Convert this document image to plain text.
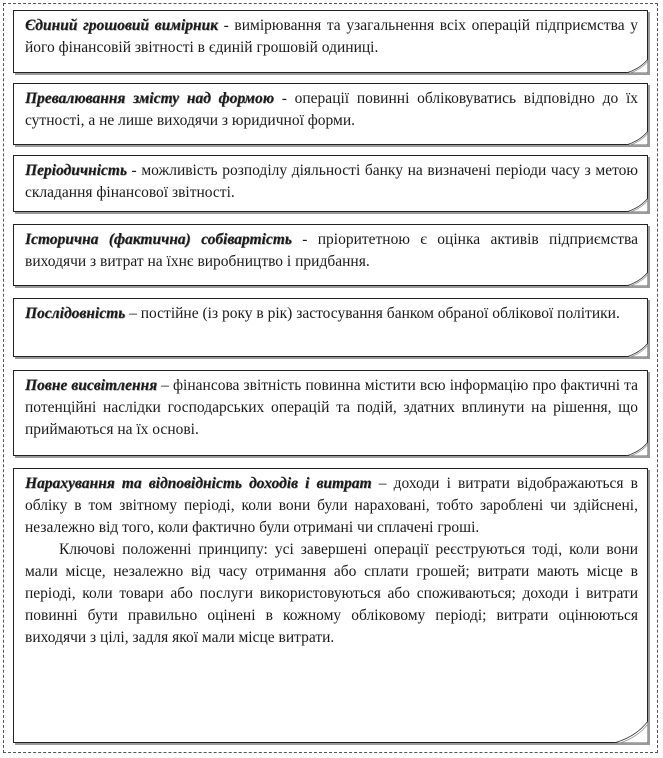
Єдиний грошовий вимірник - вимірювання та узагальнення всіх операцій підприємства у його фінансовій звітності в єдиній грошовій одиниці.

Превалювання змісту над формою - операції повинні обліковуватись відповідно до їх сутності, а не лише виходячи з юридичної форми.

Періодичність - можливість розподілу діяльності банку на визначені періоди часу з метою складання фінансової звітності.

Історична (фактична) собівартість - пріоритетною є оцінка активів підприємства виходячи з витрат на їхнє виробництво і придбання.

Послідовність – постійне (із року в рік) застосування банком обраної облікової політики.

Повне висвітлення – фінансова звітність повинна містити всю інформацію про фактичні та потенційні наслідки господарських операцій та подій, здатних вплинути на рішення, що приймаються на їх основі.

Нарахування та відповідність доходів і витрат – доходи і витрати відображаються в обліку в том звітному періоді, коли вони були нараховані, тобто зароблені чи здійснені, незалежно від того, коли фактично були отримані чи сплачені гроші.

Ключові положенні принципу: усі завершені операції реєструються тоді, коли вони мали місце, незалежно від часу отримання або сплати грошей; витрати мають місце в періоді, коли товари або послуги використовуються або споживаються; доходи і витрати повинні бути правильно оцінені в кожному обліковому періоді; витрати оцінюються виходячи з цілі, задля якої мали місце витрати.
